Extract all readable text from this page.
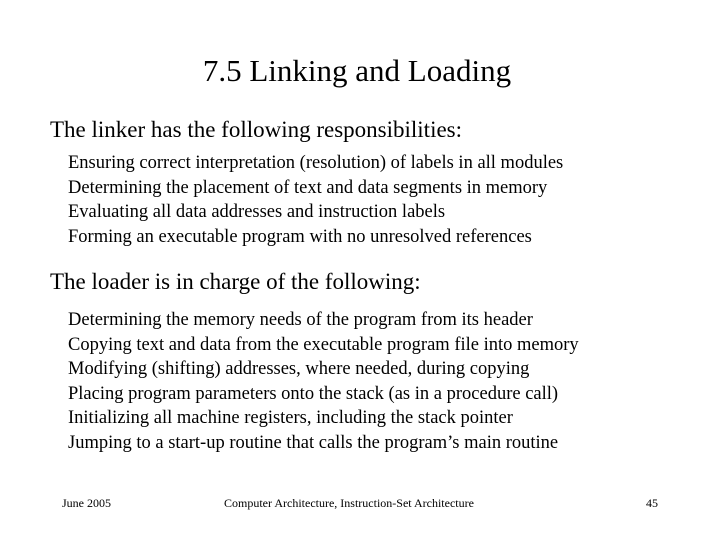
7.5 Linking and Loading
The linker has the following responsibilities:
Ensuring correct interpretation (resolution) of labels in all modules
Determining the placement of text and data segments in memory
Evaluating all data addresses and instruction labels
Forming an executable program with no unresolved references
The loader is in charge of the following:
Determining the memory needs of the program from its header
Copying text and data from the executable program file into memory
Modifying (shifting) addresses, where needed, during copying
Placing program parameters onto the stack (as in a procedure call)
Initializing all machine registers, including the stack pointer
Jumping to a start-up routine that calls the program’s main routine
June 2005	Computer Architecture, Instruction-Set Architecture	45
